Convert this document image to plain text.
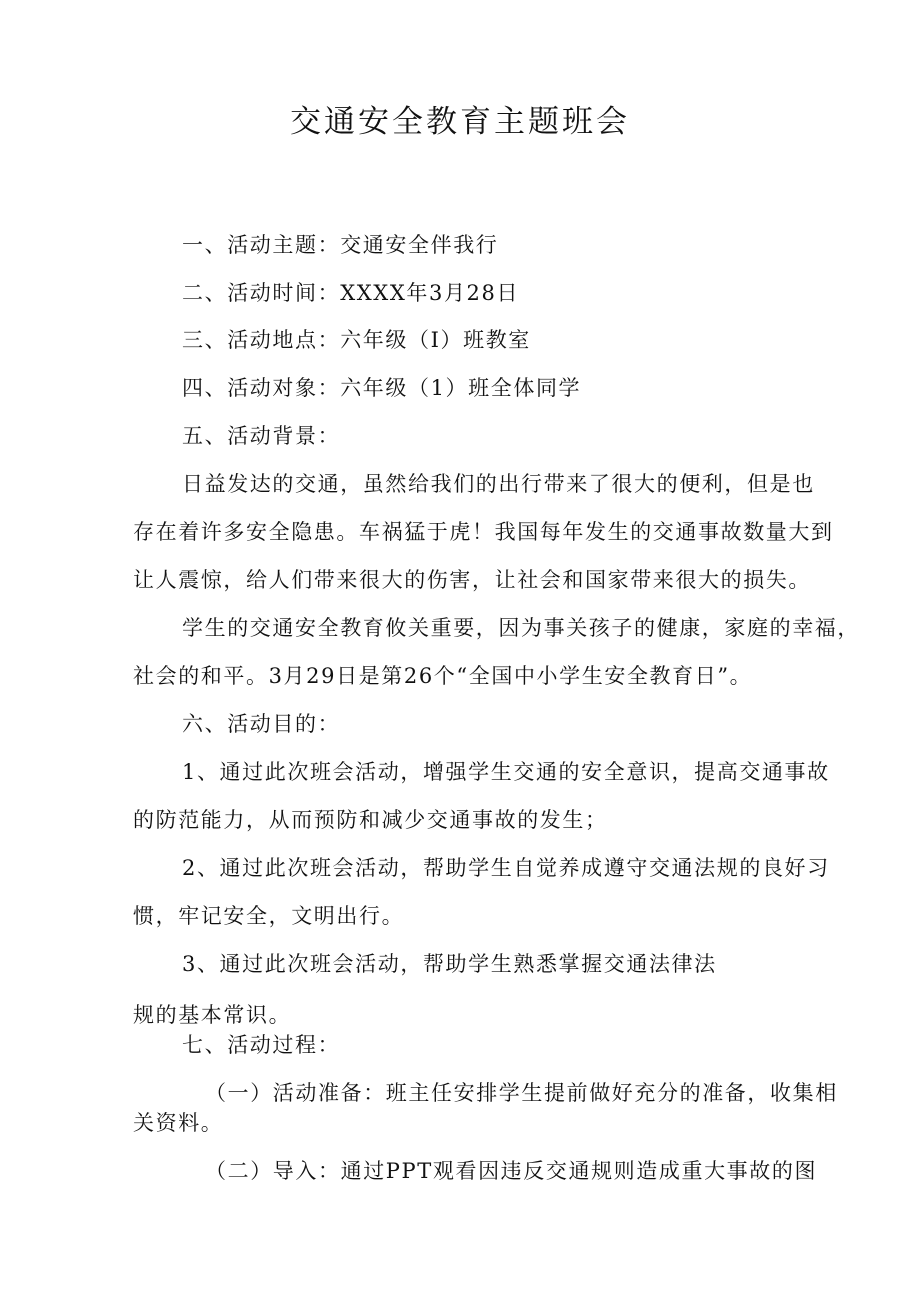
交通安全教育主题班会
一、活动主题：交通安全伴我行
二、活动时间：XXXX年3月28日
三、活动地点：六年级（I）班教室
四、活动对象：六年级（1）班全体同学
五、活动背景：
日益发达的交通，虽然给我们的出行带来了很大的便利，但是也
存在着许多安全隐患。车祸猛于虎！我国每年发生的交通事故数量大到
让人震惊，给人们带来很大的伤害，让社会和国家带来很大的损失。
学生的交通安全教育攸关重要，因为事关孩子的健康，家庭的幸福，
社会的和平。3月29日是第26个“全国中小学生安全教育日”。
六、活动目的：
1、通过此次班会活动，增强学生交通的安全意识，提高交通事故
的防范能力，从而预防和减少交通事故的发生；
2、通过此次班会活动，帮助学生自觉养成遵守交通法规的良好习
惯，牢记安全，文明出行。
3、通过此次班会活动，帮助学生熟悉掌握交通法律法
规的基本常识。
七、活动过程：
（一）活动准备：班主任安排学生提前做好充分的准备，收集相
关资料。
（二）导入：通过PPT观看因违反交通规则造成重大事故的图
